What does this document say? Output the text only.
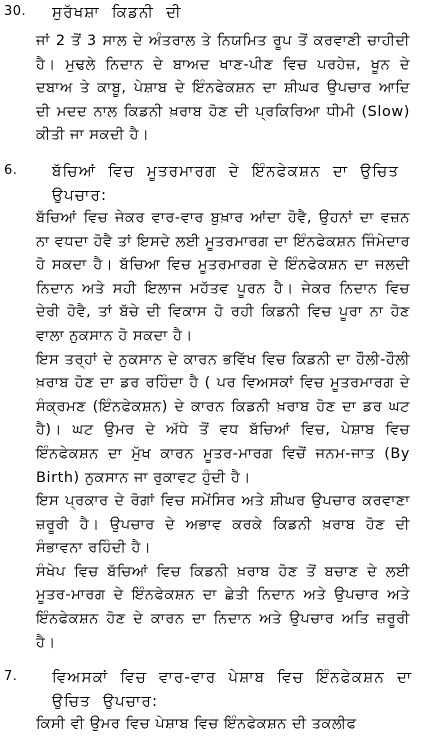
30. ਸੁਰੱਖਸ਼ਾ ਕਿਡਨੀ ਦੀ

ਜਾਂ 2 ਤੋਂ 3 ਸਾਲ ਦੇ ਅੰਤਰਾਲ ਤੇ ਨਿਯਮਿਤ ਰੂਪ ਤੋਂ ਕਰਵਾਣੀ ਚਾਹੀਦੀ ਹੈ। ਮੁਢਲੇ ਨਿਦਾਨ ਦੇ ਬਾਅਦ ਖਾਣ-ਪੀਣ ਵਿਚ ਪਰਹੇਜ਼, ਖੂਨ ਦੇ ਦਬਾਅ ਤੇ ਕਾਬੂ, ਪੇਸ਼ਾਬ ਦੇ ਇੰਨਫੇਕਸ਼ਨ ਦਾ ਸ਼ੀਘਰ ਉਪਚਾਰ ਆਦਿ ਦੀ ਮਦਦ ਨਾਲ ਕਿਡਨੀ ਖ਼ਰਾਬ ਹੋਣ ਦੀ ਪ੍ਰਕਿਰਿਆ ਧੀਮੀ (Slow) ਕੀਤੀ ਜਾ ਸਕਦੀ ਹੈ।

6. ਬੱਚਿਆਂ ਵਿਚ ਮੂਤਰਮਾਰਗ ਦੇ ਇੰਨਫੇਕਸ਼ਨ ਦਾ ਉਚਿਤ ਉਪਚਾਰ:

ਬੱਚਿਆਂ ਵਿਚ ਜੇਕਰ ਵਾਰ-ਵਾਰ ਬੁਖ਼ਾਰ ਆਂਦਾ ਹੋਵੈ, ਉਹਨਾਂ ਦਾ ਵਜ਼ਨ ਨਾ ਵਧਦਾ ਹੋਵੈ ਤਾਂ ਇਸਦੇ ਲਈ ਮੂਤਰਮਾਰਗ ਦਾ ਇੰਨਫੇਕਸ਼ਨ ਜਿੰਮੇਦਾਰ ਹੋ ਸਕਦਾ ਹੈ। ਬੱਚਿਆ ਵਿਚ ਮੂਤਰਮਾਰਗ ਦੇ ਇੰਨਫੇਕਸ਼ਨ ਦਾ ਜਲਦੀ ਨਿਦਾਨ ਅਤੇ ਸਹੀ ਇਲਾਜ ਮਹੱਤਵ ਪੂਰਨ ਹੈ। ਜੇਕਰ ਨਿਦਾਨ ਵਿਚ ਦੇਰੀ ਹੋਵੈ, ਤਾਂ ਬੱਚੇ ਦੀ ਵਿਕਾਸ ਹੋ ਰਹੀ ਕਿਡਨੀ ਵਿਚ ਪੂਰਾ ਨਾ ਹੋਣ ਵਾਲਾ ਨੁਕਸਾਨ ਹੋ ਸਕਦਾ ਹੈ।

ਇਸ ਤਰ੍ਹਾਂ ਦੇ ਨੁਕਸਾਨ ਦੇ ਕਾਰਨ ਭਵਿੱਖ ਵਿਚ ਕਿਡਨੀ ਦਾ ਹੌਲੀ-ਹੌਲੀ ਖ਼ਰਾਬ ਹੋਣ ਦਾ ਡਰ ਰਹਿੰਦਾ ਹੈ ( ਪਰ ਵਿਅਸਕਾਂ ਵਿਚ ਮੂਤਰਮਾਰਗ ਦੇ ਸੰਕ੍ਰਮਣ (ਇੰਨਫੇਕਸ਼ਨ) ਦੇ ਕਾਰਨ ਕਿਡਨੀ ਖ਼ਰਾਬ ਹੋਣ ਦਾ ਡਰ ਘਟ ਹੈ)। ਘਟ ਉਮਰ ਦੇ ਅੱਧੇ ਤੋਂ ਵਧ ਬੱਚਿਆਂ ਵਿਚ, ਪੇਸ਼ਾਬ ਵਿਚ ਇੰਨਫੇਕਸ਼ਨ ਦਾ ਮੁੱਖ ਕਾਰਨ ਮੂਤਰ-ਮਾਰਗ ਵਿਚੋਂ ਜਨਮ-ਜਾਤ (By Birth) ਨੁਕਸਾਨ ਜਾ ਰੁਕਾਵਟ ਹੁੰਦੀ ਹੈ।

ਇਸ ਪ੍ਰਕਾਰ ਦੇ ਰੋਗਾਂ ਵਿਚ ਸਮੇਂਸਿਰ ਅਤੇ ਸ਼ੀਘਰ ਉਪਚਾਰ ਕਰਵਾਣਾ ਜ਼ਰੂਰੀ ਹੈ। ਉਪਚਾਰ ਦੇ ਅਭਾਵ ਕਰਕੇ ਕਿਡਨੀ ਖ਼ਰਾਬ ਹੋਣ ਦੀ ਸੰਭਾਵਨਾ ਰਹਿੰਦੀ ਹੈ।

ਸੰਖੇਪ ਵਿਚ ਬੱਚਿਆਂ ਵਿਚ ਕਿਡਨੀ ਖ਼ਰਾਬ ਹੋਣ ਤੋਂ ਬਚਾਣ ਦੇ ਲਈ ਮੂਤਰ-ਮਾਰਗ ਦੇ ਇੰਨਫੇਕਸ਼ਨ ਦਾ ਛੇਤੀ ਨਿਦਾਨ ਅਤੇ ਉਪਚਾਰ ਅਤੇ ਇੰਨਫੇਕਸ਼ਨ ਹੋਣ ਦੇ ਕਾਰਨ ਦਾ ਨਿਦਾਨ ਅਤੇ ਉਪਚਾਰ ਅਤਿ ਜ਼ਰੂਰੀ ਹੈ।

7. ਵਿਅਸਕਾਂ ਵਿਚ ਵਾਰ-ਵਾਰ ਪੇਸ਼ਾਬ ਵਿਚ ਇੰਨਫੇਕਸ਼ਨ ਦਾ ਉਚਿਤ ਉਪਚਾਰ:

ਕਿਸੀ ਵੀ ਉਮਰ ਵਿਚ ਪੇਸ਼ਾਬ ਵਿਚ ਇੰਨਫੇਕਸ਼ਨ ਦੀ ਤਕਲੀਫ
